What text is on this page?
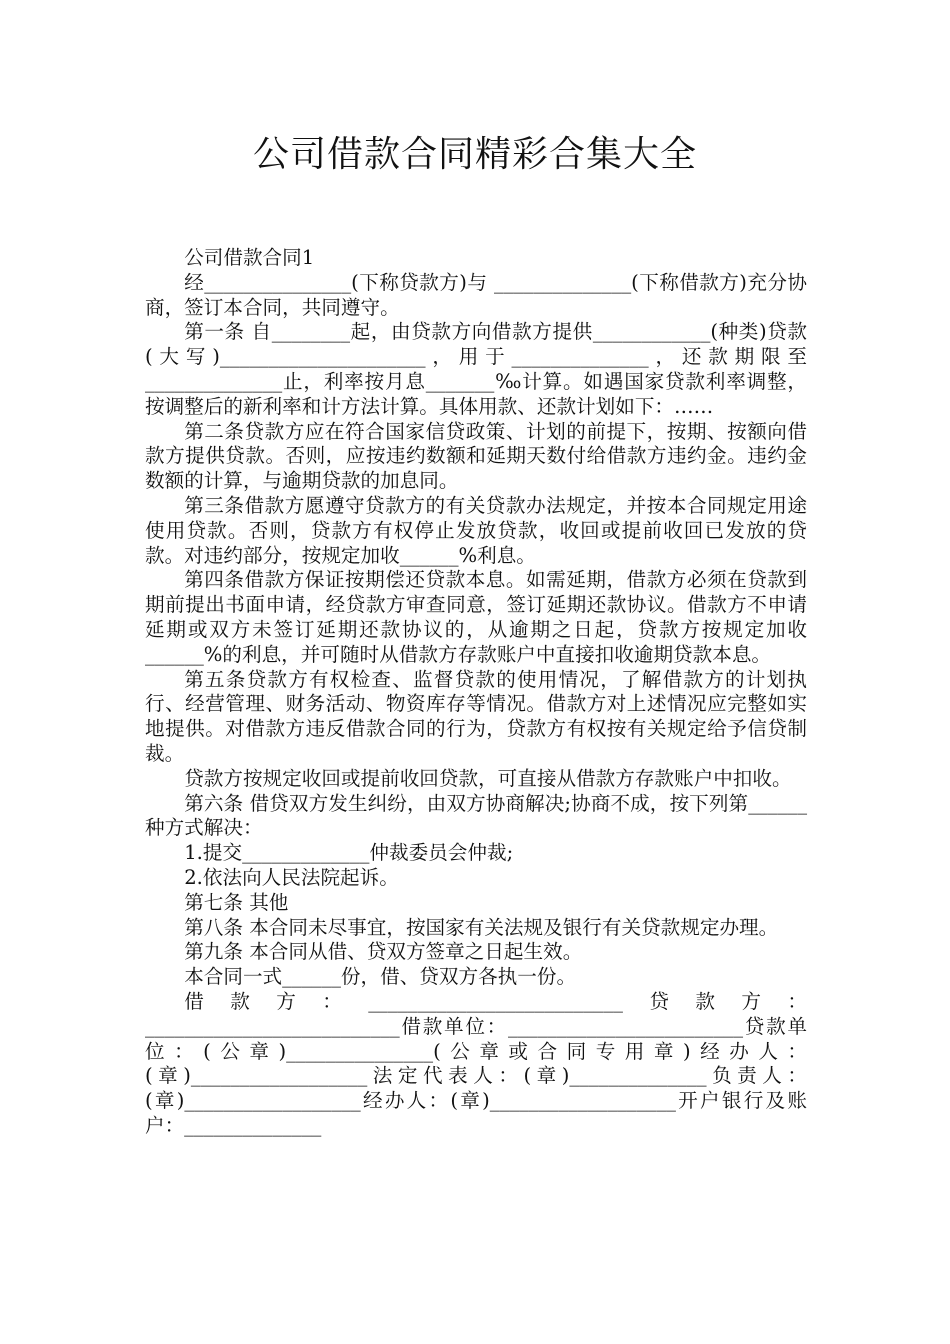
公司借款合同精彩合集大全

公司借款合同1

经_______________(下称贷款方)与 ______________(下称借款方)充分协商，签订本合同，共同遵守。

第一条 自________起，由贷款方向借款方提供____________(种类)贷款(大写)_____________________，用于______________，还款期限至______________止，利率按月息_______‰计算。如遇国家贷款利率调整，按调整后的新利率和计方法计算。具体用款、还款计划如下：……

第二条贷款方应在符合国家信贷政策、计划的前提下，按期、按额向借款方提供贷款。否则，应按违约数额和延期天数付给借款方违约金。违约金数额的计算，与逾期贷款的加息同。

第三条借款方愿遵守贷款方的有关贷款办法规定，并按本合同规定用途使用贷款。否则，贷款方有权停止发放贷款，收回或提前收回已发放的贷款。对违约部分，按规定加收______%利息。

第四条借款方保证按期偿还贷款本息。如需延期，借款方必须在贷款到期前提出书面申请，经贷款方审查同意，签订延期还款协议。借款方不申请延期或双方未签订延期还款协议的，从逾期之日起，贷款方按规定加收______%的利息，并可随时从借款方存款账户中直接扣收逾期贷款本息。

第五条贷款方有权检查、监督贷款的使用情况，了解借款方的计划执行、经营管理、财务活动、物资库存等情况。借款方对上述情况应完整如实地提供。对借款方违反借款合同的行为，贷款方有权按有关规定给予信贷制裁。

贷款方按规定收回或提前收回贷款，可直接从借款方存款账户中扣收。

第六条 借贷双方发生纠纷，由双方协商解决;协商不成，按下列第______种方式解决：

1.提交_____________仲裁委员会仲裁;

2.依法向人民法院起诉。

第七条 其他

第八条 本合同未尽事宜，按国家有关法规及银行有关贷款规定办理。

第九条 本合同从借、贷双方签章之日起生效。

本合同一式______份，借、贷双方各执一份。

借款方：__________________________贷款方：__________________________借款单位：________________________贷款单位：(公章)_______________(公章或合同专用章)经办人：(章)__________________法定代表人：(章)______________负责人：(章)__________________经办人：(章)___________________开户银行及账户：______________
